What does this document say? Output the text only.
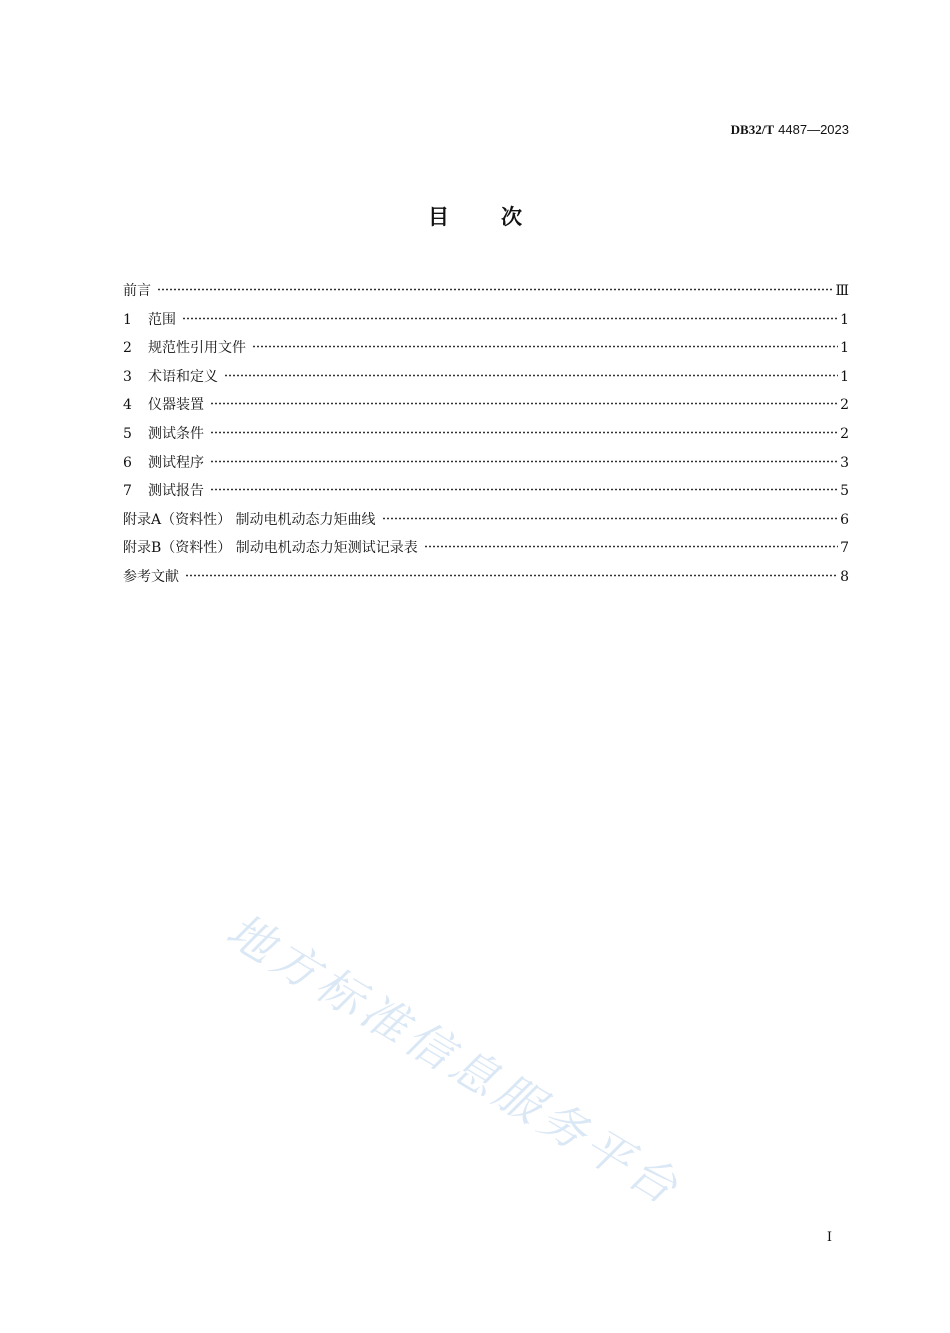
DB32/T 4487—2023
目 次
前言	Ⅲ
1	范围	1
2	规范性引用文件	1
3	术语和定义	1
4	仪器装置	2
5	测试条件	2
6	测试程序	3
7	测试报告	5
附录A（资料性） 制动电机动态力矩曲线	6
附录B（资料性） 制动电机动态力矩测试记录表	7
参考文献	8
地方标准信息服务平台
I
